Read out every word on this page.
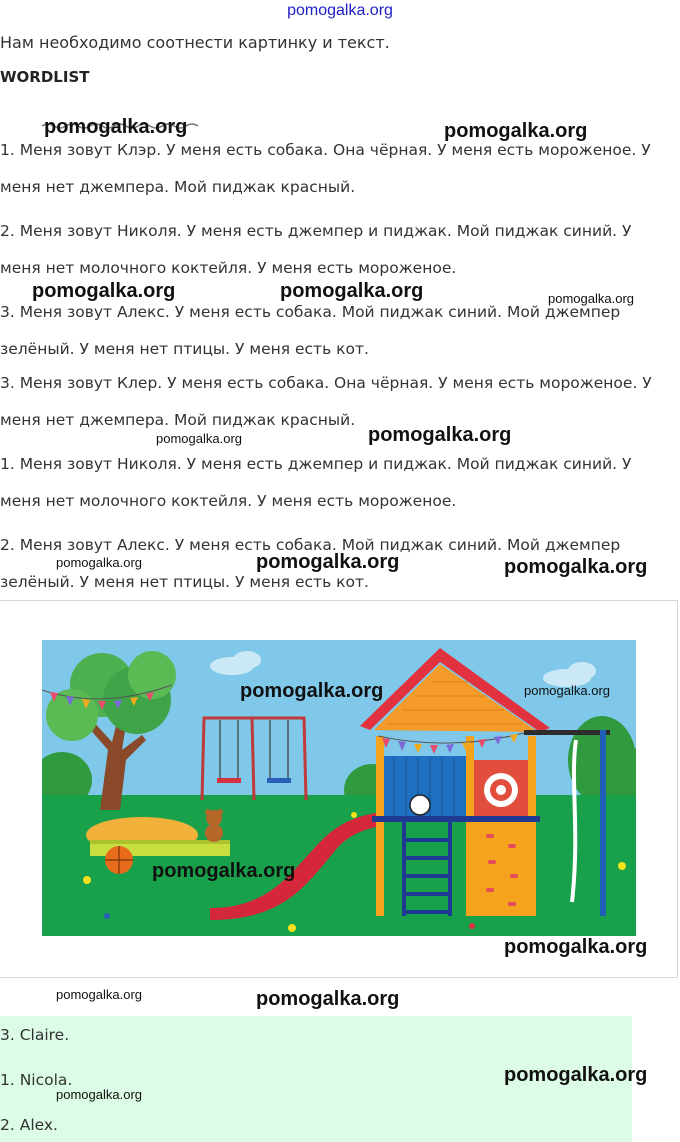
pomogalka.org
Нам необходимо соотнести картинку и текст.
WORDLIST
1. Меня зовут Клэр. У меня есть собака. Она чёрная. У меня есть мороженое. У меня нет джемпера. Мой пиджак красный.
2. Меня зовут Николя. У меня есть джемпер и пиджак. Мой пиджак синий. У меня нет молочного коктейля. У меня есть мороженое.
3. Меня зовут Алекс. У меня есть собака. Мой пиджак синий. Мой джемпер зелёный. У меня нет птицы. У меня есть кот.
3. Меня зовут Клер. У меня есть собака. Она чёрная. У меня есть мороженое. У меня нет джемпера. Мой пиджак красный.
1. Меня зовут Николя. У меня есть джемпер и пиджак. Мой пиджак синий. У меня нет молочного коктейля. У меня есть мороженое.
2. Меня зовут Алекс. У меня есть собака. Мой пиджак синий. Мой джемпер зелёный. У меня нет птицы. У меня есть кот.
3. Claire.
1. Nicola.
2. Alex.
pomogalka.org	pomogalka.org
pomogalka.org	pomogalka.org	pomogalka.org
pomogalka.org	pomogalka.org
pomogalka.org	pomogalka.org	pomogalka.org
pomogalka.org	pomogalka.org
pomogalka.org
pomogalka.org
pomogalka.org	pomogalka.org
pomogalka.org
pomogalka.org
